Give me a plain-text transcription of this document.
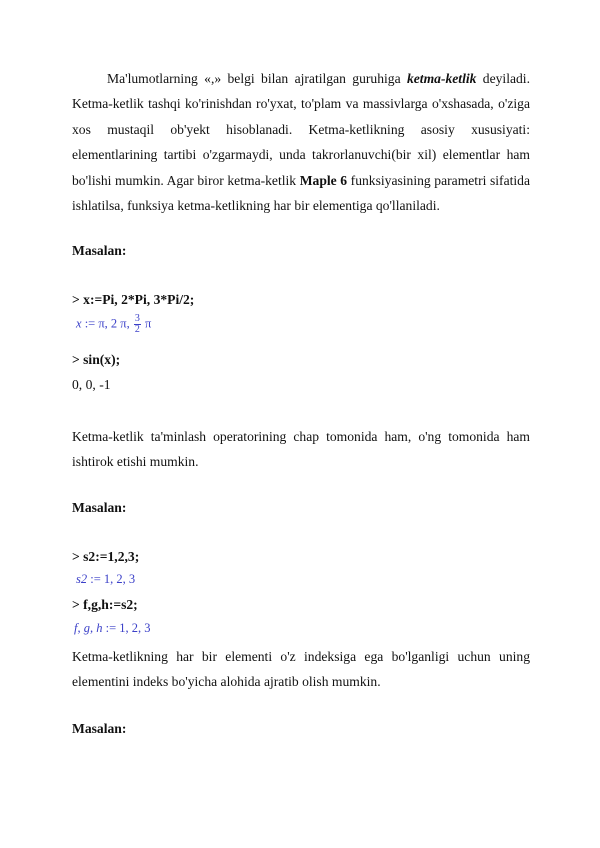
Ma'lumotlarning «,» belgi bilan ajratilgan guruhiga ketma-ketlik deyiladi. Ketma-ketlik tashqi ko'rinishdan ro'yxat, to'plam va massivlarga o'xshasada, o'ziga xos mustaqil ob'yekt hisoblanadi. Ketma-ketlikning asosiy xususiyati: elementlarining tartibi o'zgarmaydi, unda takrorlanuvchi(bir xil) elementlar ham bo'lishi mumkin. Agar biror ketma-ketlik Maple 6 funksiyasining parametri sifatida ishlatilsa, funksiya ketma-ketlikning har bir elementiga qo'llaniladi.
Masalan:
> x:=Pi, 2*Pi, 3*Pi/2;
x := π, 2 π, $\frac{3}{2}$ π
> sin(x);
0, 0, -1
Ketma-ketlik ta'minlash operatorining chap tomonida ham, o'ng tomonida ham ishtirok etishi mumkin.
Masalan:
> s2:=1,2,3;
s2 := 1, 2, 3
> f,g,h:=s2;
f, g, h := 1, 2, 3
Ketma-ketlikning har bir elementi o'z indeksiga ega bo'lganligi uchun uning elementini indeks bo'yicha alohida ajratib olish mumkin.
Masalan:
